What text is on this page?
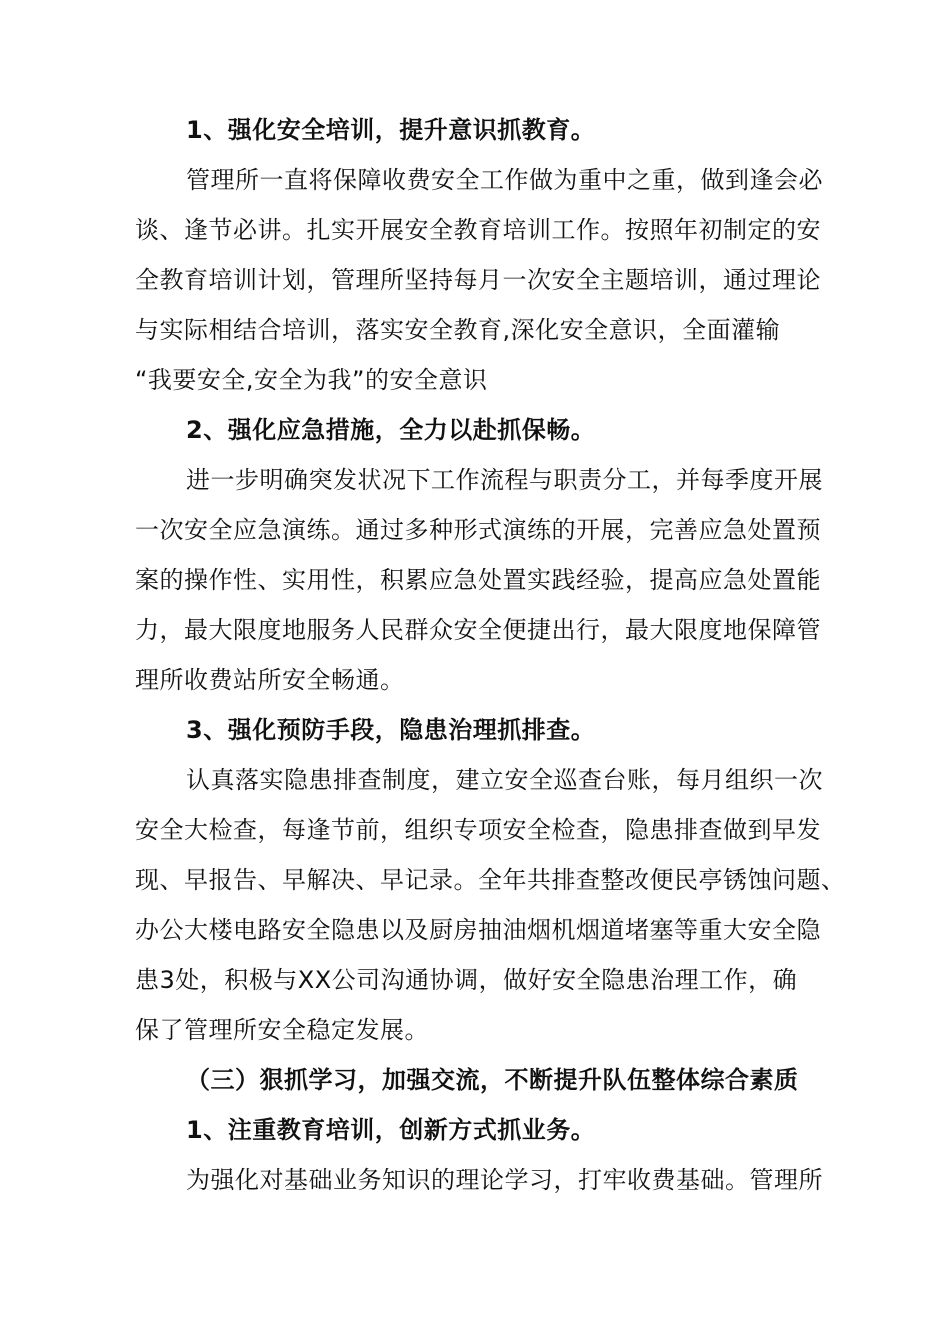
1、强化安全培训，提升意识抓教育。
管理所一直将保障收费安全工作做为重中之重，做到逢会必
谈、逢节必讲。扎实开展安全教育培训工作。按照年初制定的安
全教育培训计划，管理所坚持每月一次安全主题培训，通过理论
与实际相结合培训，落实安全教育,深化安全意识，全面灌输
“我要安全,安全为我”的安全意识
2、强化应急措施，全力以赴抓保畅。
进一步明确突发状况下工作流程与职责分工，并每季度开展
一次安全应急演练。通过多种形式演练的开展，完善应急处置预
案的操作性、实用性，积累应急处置实践经验，提高应急处置能
力，最大限度地服务人民群众安全便捷出行，最大限度地保障管
理所收费站所安全畅通。
3、强化预防手段，隐患治理抓排查。
认真落实隐患排查制度，建立安全巡查台账，每月组织一次
安全大检查，每逢节前，组织专项安全检查，隐患排查做到早发
现、早报告、早解决、早记录。全年共排查整改便民亭锈蚀问题、
办公大楼电路安全隐患以及厨房抽油烟机烟道堵塞等重大安全隐
患3处，积极与XX公司沟通协调，做好安全隐患治理工作，确
保了管理所安全稳定发展。
（三）狠抓学习，加强交流，不断提升队伍整体综合素质
1、注重教育培训，创新方式抓业务。
为强化对基础业务知识的理论学习，打牢收费基础。管理所
